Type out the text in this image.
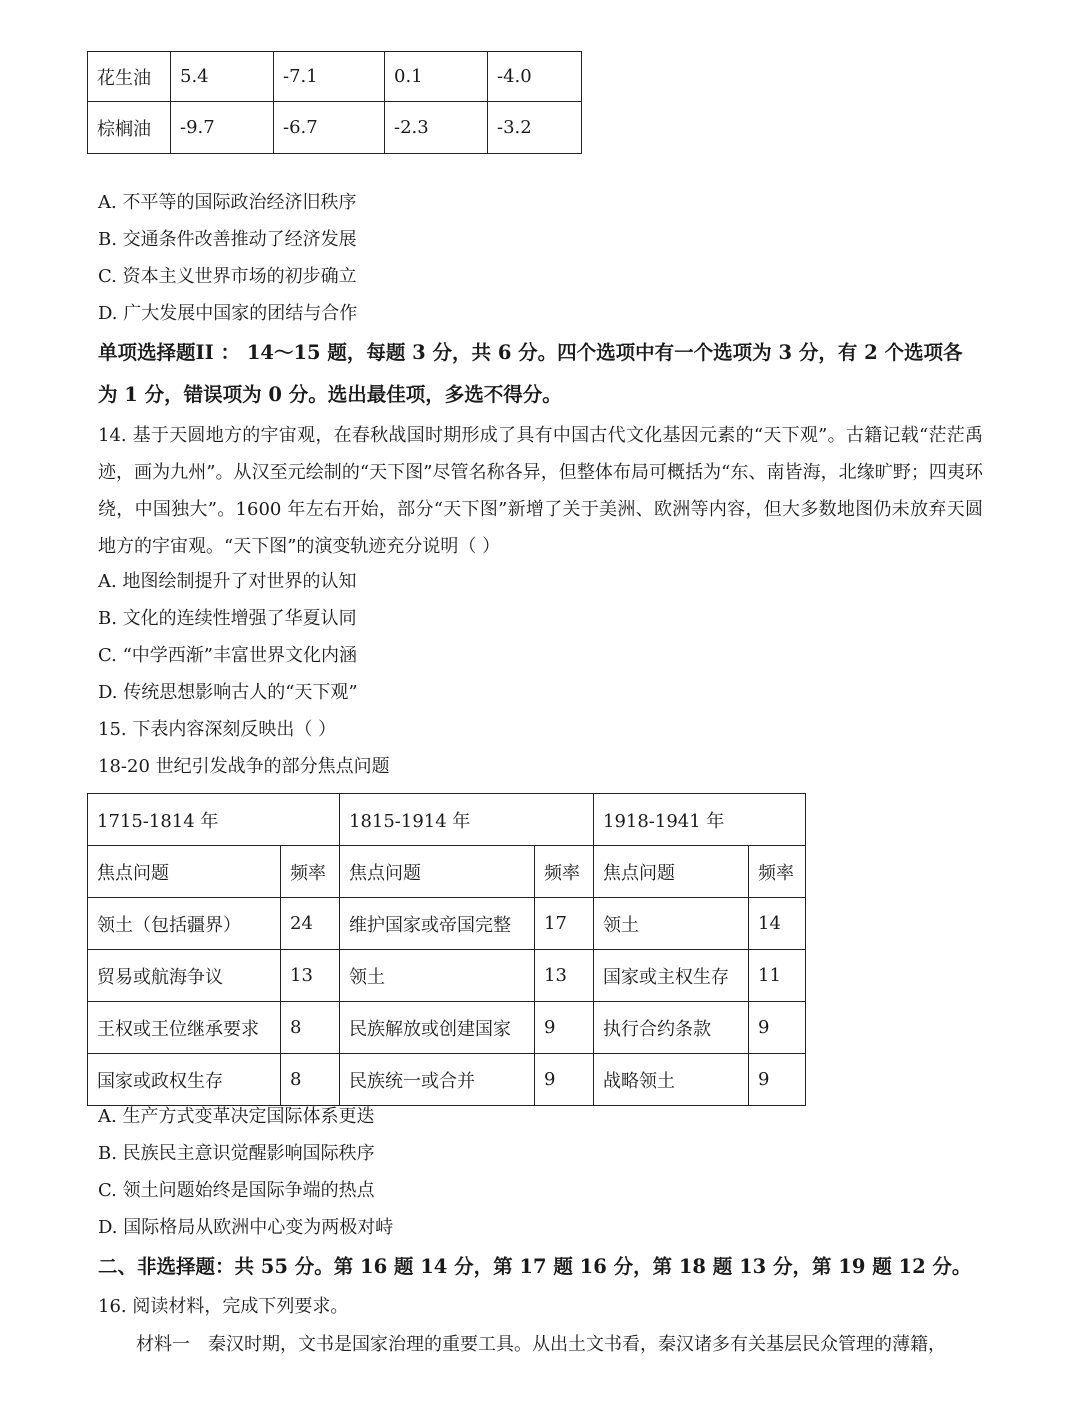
花生油	5.4	-7.1	0.1	-4.0
棕榈油	-9.7	-6.7	-2.3	-3.2
A. 不平等的国际政治经济旧秩序
B. 交通条件改善推动了经济发展
C. 资本主义世界市场的初步确立
D. 广大发展中国家的团结与合作
单项选择题II ： 14～15 题，每题 3 分，共 6 分。四个选项中有一个选项为 3 分，有 2 个选项各
为 1 分，错误项为 0 分。选出最佳项，多选不得分。
14. 基于天圆地方的宇宙观，在春秋战国时期形成了具有中国古代文化基因元素的“天下观”。古籍记载“茫茫禹迹，画为九州”。从汉至元绘制的“天下图”尽管名称各异，但整体布局可概括为“东、南皆海，北缘旷野；四夷环绕，中国独大”。1600 年左右开始，部分“天下图”新增了关于美洲、欧洲等内容，但大多数地图仍未放弃天圆地方的宇宙观。“天下图”的演变轨迹充分说明（ ）
A. 地图绘制提升了对世界的认知
B. 文化的连续性增强了华夏认同
C. “中学西渐”丰富世界文化内涵
D. 传统思想影响古人的“天下观”
15. 下表内容深刻反映出（ ）
18-20 世纪引发战争的部分焦点问题
1715-1814 年		1815-1914 年		1918-1941 年	
焦点问题	频率	焦点问题	频率	焦点问题	频率
领土（包括疆界）	24	维护国家或帝国完整	17	领土	14
贸易或航海争议	13	领土	13	国家或主权生存	11
王权或王位继承要求	8	民族解放或创建国家	9	执行合约条款	9
国家或政权生存	8	民族统一或合并	9	战略领土	9
A. 生产方式变革决定国际体系更迭
B. 民族民主意识觉醒影响国际秩序
C. 领土问题始终是国际争端的热点
D. 国际格局从欧洲中心变为两极对峙
二、非选择题：共 55 分。第 16 题 14 分，第 17 题 16 分，第 18 题 13 分，第 19 题 12 分。
16. 阅读材料，完成下列要求。
材料一　秦汉时期，文书是国家治理的重要工具。从出土文书看，秦汉诸多有关基层民众管理的薄籍，
